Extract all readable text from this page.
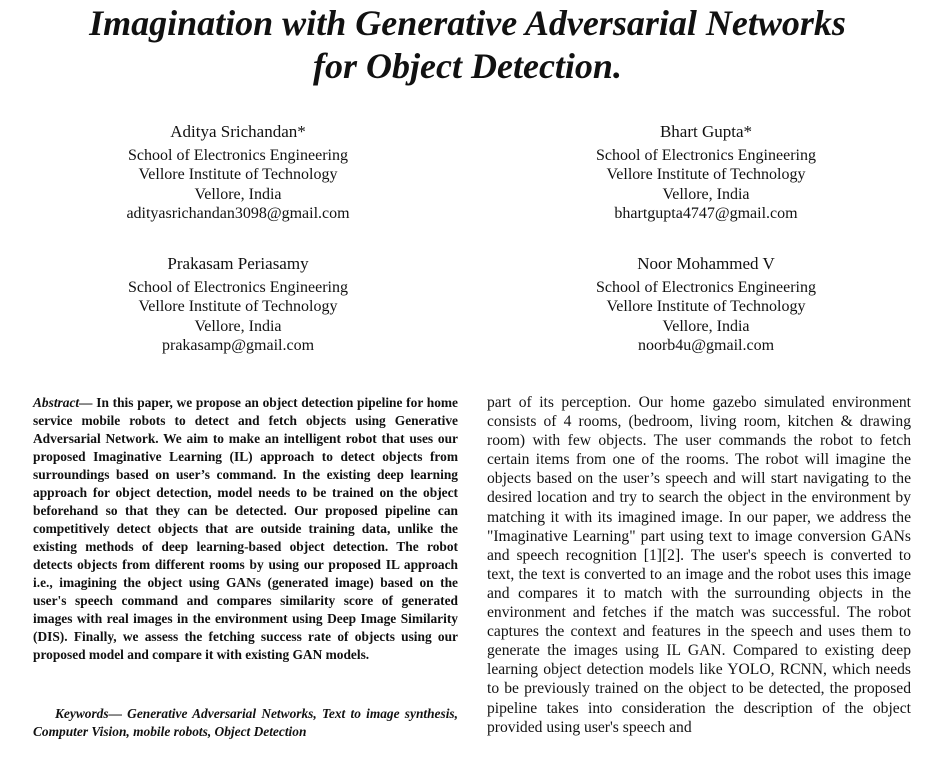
Imagination with Generative Adversarial Networks
for Object Detection.
Aditya Srichandan*
School of Electronics Engineering
Vellore Institute of Technology
Vellore, India
adityasrichandan3098@gmail.com
Bhart Gupta*
School of Electronics Engineering
Vellore Institute of Technology
Vellore, India
bhartgupta4747@gmail.com
Prakasam Periasamy
School of Electronics Engineering
Vellore Institute of Technology
Vellore, India
prakasamp@gmail.com
Noor Mohammed V
School of Electronics Engineering
Vellore Institute of Technology
Vellore, India
noorb4u@gmail.com

Abstract— In this paper, we propose an object detection pipeline for home service mobile robots to detect and fetch objects using Generative Adversarial Network. We aim to make an intelligent robot that uses our proposed Imaginative Learning (IL) approach to detect objects from surroundings based on user’s command. In the existing deep learning approach for object detection, model needs to be trained on the object beforehand so that they can be detected. Our proposed pipeline can competitively detect objects that are outside training data, unlike the existing methods of deep learning-based object detection. The robot detects objects from different rooms by using our proposed IL approach i.e., imagining the object using GANs (generated image) based on the user's speech command and compares similarity score of generated images with real images in the environment using Deep Image Similarity (DIS). Finally, we assess the fetching success rate of objects using our proposed model and compare it with existing GAN models.

Keywords— Generative Adversarial Networks, Text to image synthesis, Computer Vision, mobile robots, Object Detection

part of its perception. Our home gazebo simulated environment consists of 4 rooms, (bedroom, living room, kitchen & drawing room) with few objects. The user commands the robot to fetch certain items from one of the rooms. The robot will imagine the objects based on the user’s speech and will start navigating to the desired location and try to search the object in the environment by matching it with its imagined image. In our paper, we address the "Imaginative Learning" part using text to image conversion GANs and speech recognition [1][2]. The user's speech is converted to text, the text is converted to an image and the robot uses this image and compares it to match with the surrounding objects in the environment and fetches if the match was successful. The robot captures the context and features in the speech and uses them to generate the images using IL GAN. Compared to existing deep learning object detection models like YOLO, RCNN, which needs to be previously trained on the object to be detected, the proposed pipeline takes into consideration the description of the object provided using user's speech and
